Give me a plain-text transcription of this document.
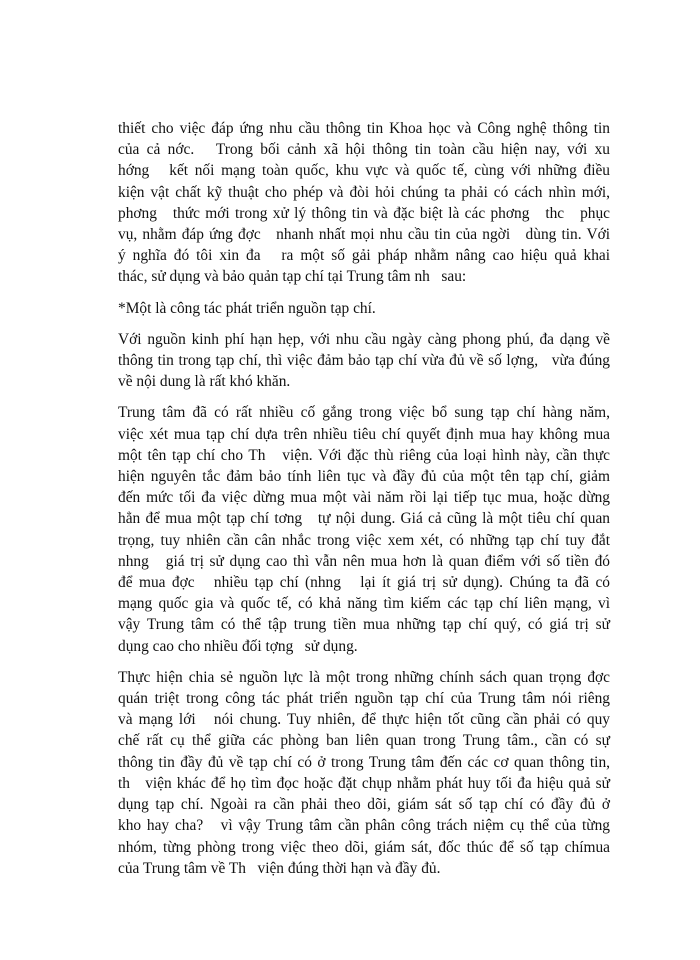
thiết cho việc đáp ứng nhu cầu thông tin Khoa học và Công nghệ thông tin
của cả nớc.   Trong bối cảnh xã hội thông tin toàn cầu hiện nay, với xu
hớng   kết nối mạng toàn quốc, khu vực và quốc tế, cùng với những điều
kiện vật chất kỹ thuật cho phép và đòi hỏi chúng ta phải có cách nhìn mới,
phơng   thức mới trong xử lý thông tin và đặc biệt là các phơng   thc   phục
vụ, nhằm đáp ứng đợc   nhanh nhất mọi nhu cầu tin của ngời   dùng tin. Với
ý nghĩa đó tôi xin đa   ra một số gải pháp nhằm nâng cao hiệu quả khai
thác, sử dụng và bảo quản tạp chí tại Trung tâm nh   sau:
*Một là công tác phát triển nguồn tạp chí.
Với nguồn kinh phí hạn hẹp, với nhu cầu ngày càng phong phú, đa dạng về
thông tin trong tạp chí, thì việc đảm bảo tạp chí vừa đủ về số lợng,   vừa đúng
về nội dung là rất khó khăn.
Trung tâm đã có rất nhiều cố gắng trong việc bổ sung tạp chí hàng năm,
việc xét mua tạp chí dựa trên nhiều tiêu chí quyết định mua hay không mua
một tên tạp chí cho Th   viện. Với đặc thù riêng của loại hình này, cần thực
hiện nguyên tắc đảm bảo tính liên tục và đầy đủ của một tên tạp chí, giảm
đến mức tối đa việc dừng mua một vài năm rồi lại tiếp tục mua, hoặc dừng
hẳn để mua một tạp chí tơng   tự nội dung. Giá cả cũng là một tiêu chí quan
trọng, tuy nhiên cần cân nhắc trong việc xem xét, có những tạp chí tuy đắt
nhng   giá trị sử dụng cao thì vẫn nên mua hơn là quan điểm với số tiền đó
để mua đợc   nhiều tạp chí (nhng   lại ít giá trị sử dụng). Chúng ta đã có
mạng quốc gia và quốc tế, có khả năng tìm kiếm các tạp chí liên mạng, vì
vậy Trung tâm có thể tập trung tiền mua những tạp chí quý, có giá trị sử
dụng cao cho nhiều đối tợng   sử dụng.
Thực hiện chia sẻ nguồn lực là một trong những chính sách quan trọng đợc
quán triệt trong công tác phát triển nguồn tạp chí của Trung tâm nói riêng
và mạng lới   nói chung. Tuy nhiên, để thực hiện tốt cũng cần phải có quy
chế rất cụ thể giữa các phòng ban liên quan trong Trung tâm., cần có sự
thông tin đầy đủ về tạp chí có ở trong Trung tâm đến các cơ quan thông tin,
th   viện khác để họ tìm đọc hoặc đặt chụp nhằm phát huy tối đa hiệu quả sử
dụng tạp chí. Ngoài ra cần phải theo dõi, giám sát số tạp chí có đầy đủ ở
kho hay cha?   vì vậy Trung tâm cần phân công trách niệm cụ thể của từng
nhóm, từng phòng trong việc theo dõi, giám sát, đốc thúc để số tạp chímua
của Trung tâm về Th   viện đúng thời hạn và đầy đủ.
